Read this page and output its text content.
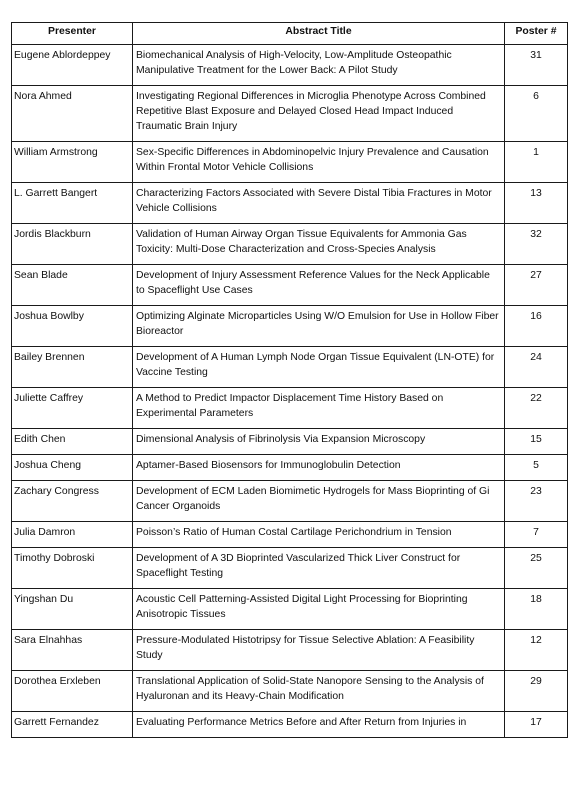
Presenter	Abstract Title	Poster #
Eugene Ablordeppey	Biomechanical Analysis of High-Velocity, Low-Amplitude Osteopathic Manipulative Treatment for the Lower Back: A Pilot Study	31
Nora Ahmed	Investigating Regional Differences in Microglia Phenotype Across Combined Repetitive Blast Exposure and Delayed Closed Head Impact Induced Traumatic Brain Injury	6
William Armstrong	Sex-Specific Differences in Abdominopelvic Injury Prevalence and Causation Within Frontal Motor Vehicle Collisions	1
L. Garrett Bangert	Characterizing Factors Associated with Severe Distal Tibia Fractures in Motor Vehicle Collisions	13
Jordis Blackburn	Validation of Human Airway Organ Tissue Equivalents for Ammonia Gas Toxicity: Multi-Dose Characterization and Cross-Species Analysis	32
Sean Blade	Development of Injury Assessment Reference Values for the Neck Applicable to Spaceflight Use Cases	27
Joshua Bowlby	Optimizing Alginate Microparticles Using W/O Emulsion for Use in Hollow Fiber Bioreactor	16
Bailey Brennen	Development of A Human Lymph Node Organ Tissue Equivalent (LN-OTE) for Vaccine Testing	24
Juliette Caffrey	A Method to Predict Impactor Displacement Time History Based on Experimental Parameters	22
Edith Chen	Dimensional Analysis of Fibrinolysis Via Expansion Microscopy	15
Joshua Cheng	Aptamer-Based Biosensors for Immunoglobulin Detection	5
Zachary Congress	Development of ECM Laden Biomimetic Hydrogels for Mass Bioprinting of Gi Cancer Organoids	23
Julia Damron	Poisson’s Ratio of Human Costal Cartilage Perichondrium in Tension	7
Timothy Dobroski	Development of A 3D Bioprinted Vascularized Thick Liver Construct for Spaceflight Testing	25
Yingshan Du	Acoustic Cell Patterning-Assisted Digital Light Processing for Bioprinting Anisotropic Tissues	18
Sara Elnahhas	Pressure-Modulated Histotripsy for Tissue Selective Ablation: A Feasibility Study	12
Dorothea Erxleben	Translational Application of Solid-State Nanopore Sensing to the Analysis of Hyaluronan and its Heavy-Chain Modification	29
Garrett Fernandez	Evaluating Performance Metrics Before and After Return from Injuries in	17
